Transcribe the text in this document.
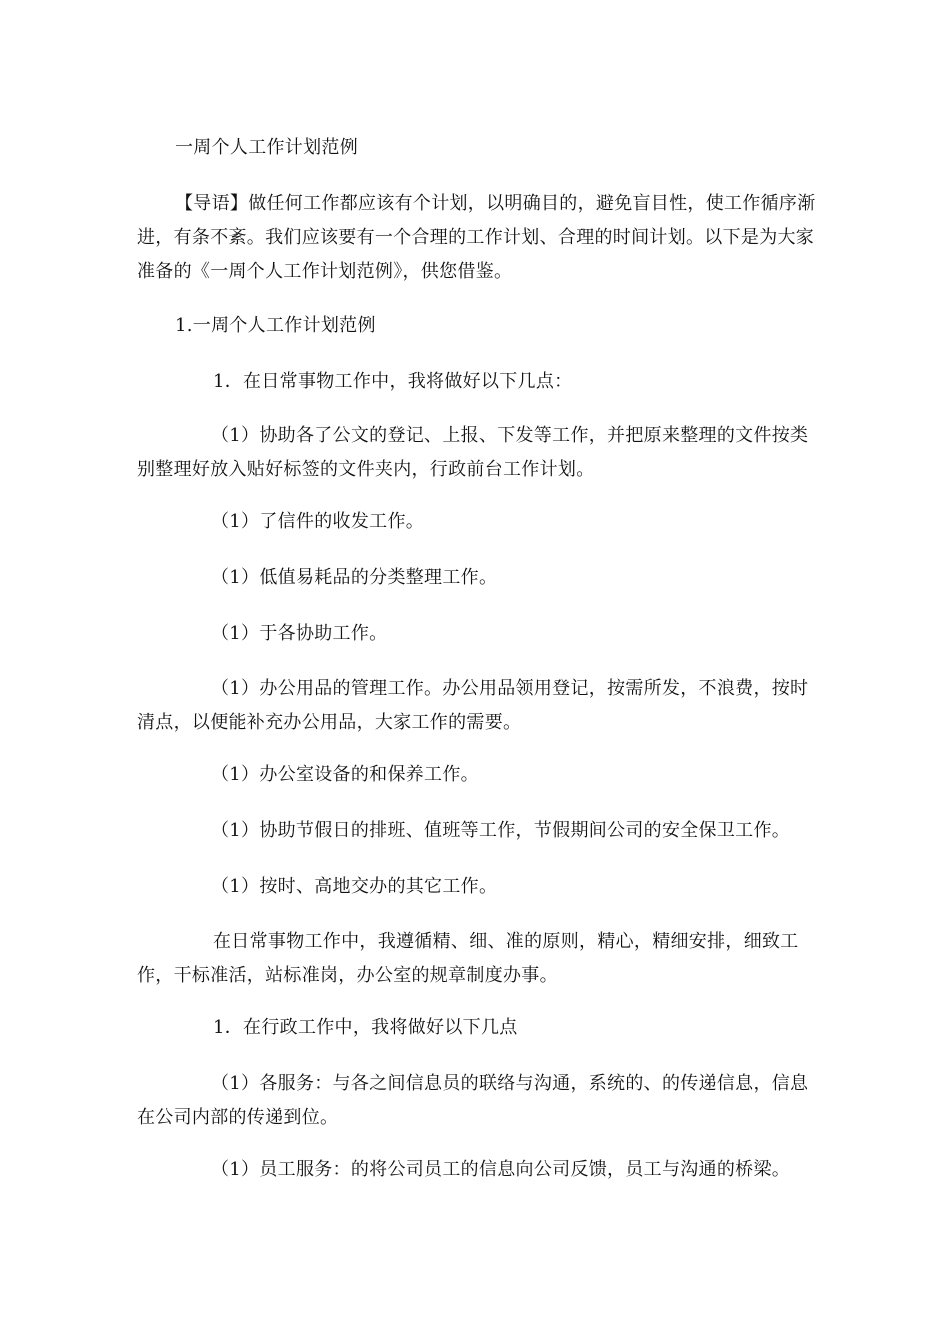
一周个人工作计划范例

【导语】做任何工作都应该有个计划，以明确目的，避免盲目性，使工作循序渐进，有条不紊。我们应该要有一个合理的工作计划、合理的时间计划。以下是为大家准备的《一周个人工作计划范例》，供您借鉴。

1.一周个人工作计划范例

1．在日常事物工作中，我将做好以下几点：

（1）协助各了公文的登记、上报、下发等工作，并把原来整理的文件按类别整理好放入贴好标签的文件夹内，行政前台工作计划。

（1）了信件的收发工作。

（1）低值易耗品的分类整理工作。

（1）于各协助工作。

（1）办公用品的管理工作。办公用品领用登记，按需所发，不浪费，按时清点，以便能补充办公用品，大家工作的需要。

（1）办公室设备的和保养工作。

（1）协助节假日的排班、值班等工作，节假期间公司的安全保卫工作。

（1）按时、高地交办的其它工作。

在日常事物工作中，我遵循精、细、准的原则，精心，精细安排，细致工作，干标准活，站标准岗，办公室的规章制度办事。

1．在行政工作中，我将做好以下几点

（1）各服务：与各之间信息员的联络与沟通，系统的、的传递信息，信息在公司内部的传递到位。

（1）员工服务：的将公司员工的信息向公司反馈，员工与沟通的桥梁。
